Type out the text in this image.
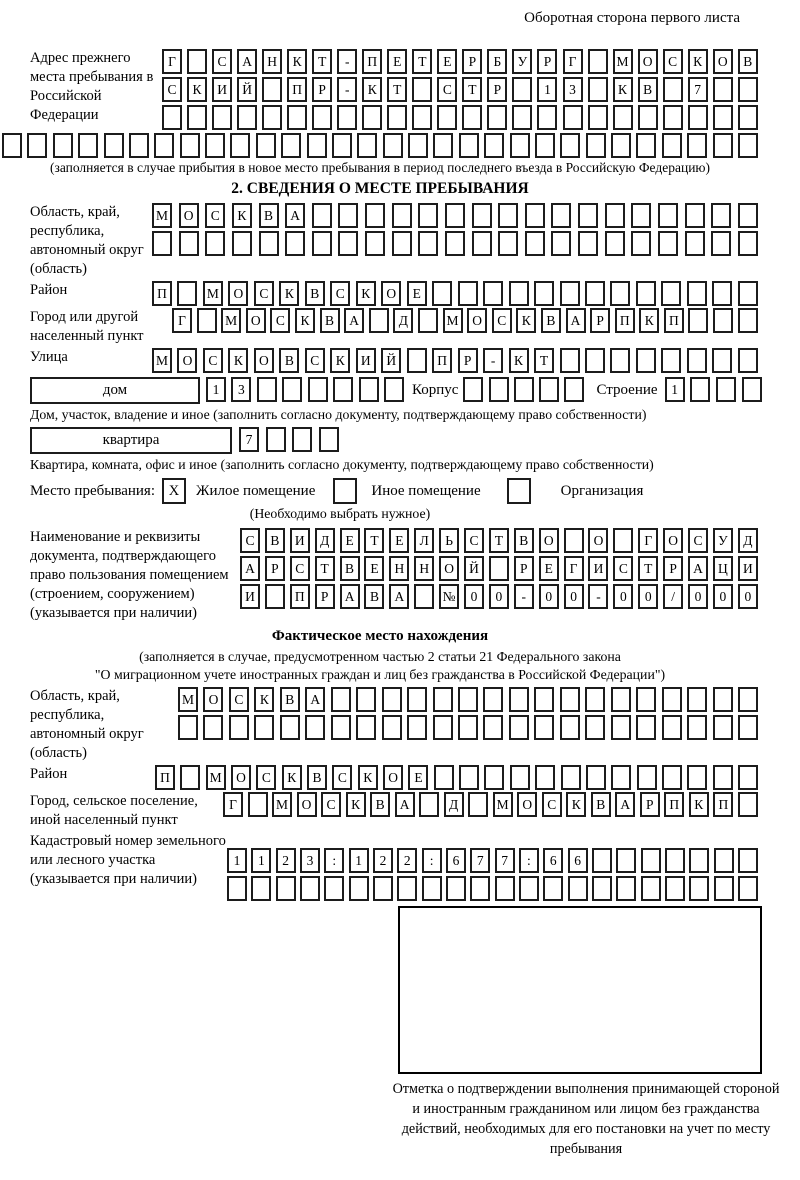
Оборотная сторона первого листа
Адрес прежнего места пребывания в Российской Федерации
Г	С	А	Н	К	Т	-	П	Е	Т	Е	Р	Б	У	Р	Г	М	О	С	К	О	В
С	К	И	Й	П	Р	-	К	Т	С	Т	Р	1	3	К	В	7
(заполняется в случае прибытия в новое место пребывания в период последнего въезда в Российскую Федерацию)
2. СВЕДЕНИЯ О МЕСТЕ ПРЕБЫВАНИЯ
Область, край, республика, автономный округ (область)
М	О	С	К	В	А
Район	П	М	О	С	К	В	С	К	О	Е
Город или другой населенный пункт
Г	М	О	С	К	В	А	Д	М	О	С	К	В	А	Р	П	К	П
Улица	М	О	С	К	О	В	С	К	И	Й	П	Р	-	К	Т
дом	1	3	Корпус	Строение	1
Дом, участок, владение и иное (заполнить согласно документу, подтверждающему право собственности)
квартира	7
Квартира, комната, офис и иное (заполнить согласно документу, подтверждающему право собственности)
Место пребывания: X	Жилое помещение	Иное помещение	Организация
(Необходимо выбрать нужное)
Наименование и реквизиты документа, подтверждающего право пользования помещением (строением, сооружением) (указывается при наличии)
С	В	И	Д	Е	Т	Е	Л	Ь	С	Т	В	О	О	Г	О	С	У	Д
А	Р	С	Т	В	Е	Н	Н	О	Й	Р	Е	Г	И	С	Т	Р	А	Ц	И
И	П	Р	А	В	А	№	0	0	-	0	0	-	0	0	/	0	0	0
Фактическое место нахождения
(заполняется в случае, предусмотренном частью 2 статьи 21 Федерального закона
"О миграционном учете иностранных граждан и лиц без гражданства в Российской Федерации")
Область, край, республика, автономный округ (область)
М	О	С	К	В	А
Район	П	М	О	С	К	В	С	К	О	Е
Город, сельское поселение, иной населенный пункт
Г	М	О	С	К	В	А	Д	М	О	С	К	В	А	Р	П	К	П
Кадастровый номер земельного или лесного участка (указывается при наличии)
1	1	2	3	:	1	2	2	:	6	7	7	:	6	6
Отметка о подтверждении выполнения принимающей стороной и иностранным гражданином или лицом без гражданства действий, необходимых для его постановки на учет по месту пребывания
